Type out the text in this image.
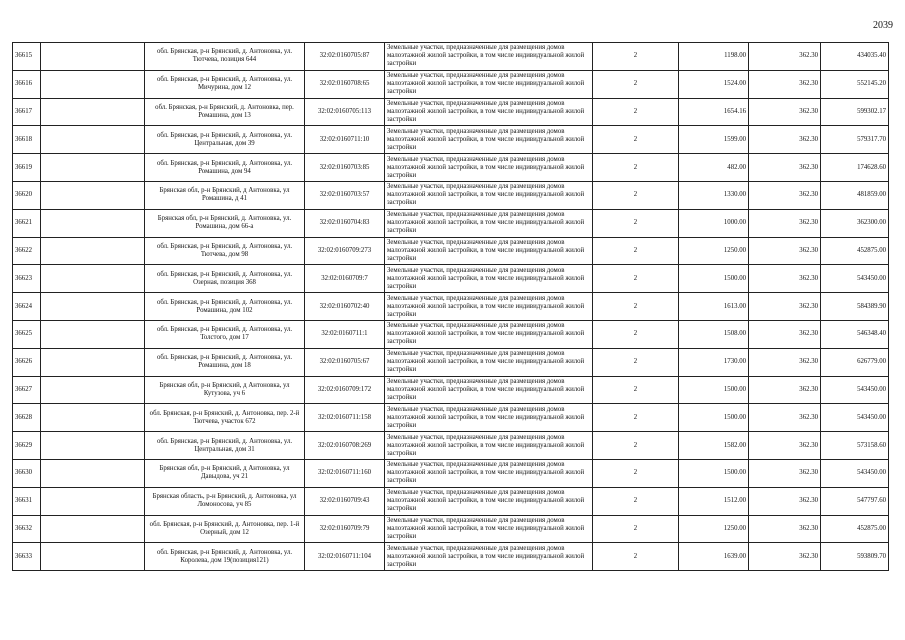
2039
36615		обл. Брянская, р-н Брянский, д. Антоновка, ул. Тютчева, позиция 644	32:02:0160705:87	Земельные участки, предназначенные для размещения домов малоэтажной жилой застройки, в том числе индивидуальной жилой застройки	2	1198.00	362.30	434035.40
36616		обл. Брянская, р-н Брянский, д. Антоновка, ул. Мичурина, дом 12	32:02:0160708:65	Земельные участки, предназначенные для размещения домов малоэтажной жилой застройки, в том числе индивидуальной жилой застройки	2	1524.00	362.30	552145.20
36617		обл. Брянская, р-н Брянский, д. Антоновка, пер. Ромашина, дом 13	32:02:0160705:113	Земельные участки, предназначенные для размещения домов малоэтажной жилой застройки, в том числе индивидуальной жилой застройки	2	1654.16	362.30	599302.17
36618		обл. Брянская, р-н Брянский, д. Антоновка, ул. Центральная, дом 39	32:02:0160711:10	Земельные участки, предназначенные для размещения домов малоэтажной жилой застройки, в том числе индивидуальной жилой застройки	2	1599.00	362.30	579317.70
36619		обл. Брянская, р-н Брянский, д. Антоновка, ул. Ромашина, дом 94	32:02:0160703:85	Земельные участки, предназначенные для размещения домов малоэтажной жилой застройки, в том числе индивидуальной жилой застройки	2	482.00	362.30	174628.60
36620		Брянская обл, р-н Брянский, д Антоновка, ул Ромашина, д 41	32:02:0160703:57	Земельные участки, предназначенные для размещения домов малоэтажной жилой застройки, в том числе индивидуальной жилой застройки	2	1330.00	362.30	481859.00
36621		Брянская обл, р-н Брянский, д. Антоновка, ул. Ромашина, дом 66-а	32:02:0160704:83	Земельные участки, предназначенные для размещения домов малоэтажной жилой застройки, в том числе индивидуальной жилой застройки	2	1000.00	362.30	362300.00
36622		обл. Брянская, р-н Брянский, д. Антоновка, ул. Тютчева, дом 98	32:02:0160709:273	Земельные участки, предназначенные для размещения домов малоэтажной жилой застройки, в том числе индивидуальной жилой застройки	2	1250.00	362.30	452875.00
36623		обл. Брянская, р-н Брянский, д. Антоновка, ул. Озерная, позиция 368	32:02:0160709:7	Земельные участки, предназначенные для размещения домов малоэтажной жилой застройки, в том числе индивидуальной жилой застройки	2	1500.00	362.30	543450.00
36624		обл. Брянская, р-н Брянский, д. Антоновка, ул. Ромашина, дом 102	32:02:0160702:40	Земельные участки, предназначенные для размещения домов малоэтажной жилой застройки, в том числе индивидуальной жилой застройки	2	1613.00	362.30	584389.90
36625		обл. Брянская, р-н Брянский, д. Антоновка, ул. Толстого, дом 17	32:02:0160711:1	Земельные участки, предназначенные для размещения домов малоэтажной жилой застройки, в том числе индивидуальной жилой застройки	2	1508.00	362.30	546348.40
36626		обл. Брянская, р-н Брянский, д. Антоновка, ул. Ромашина, дом 18	32:02:0160705:67	Земельные участки, предназначенные для размещения домов малоэтажной жилой застройки, в том числе индивидуальной жилой застройки	2	1730.00	362.30	626779.00
36627		Брянская обл, р-н Брянский, д Антоновка, ул Кутузова, уч 6	32:02:0160709:172	Земельные участки, предназначенные для размещения домов малоэтажной жилой застройки, в том числе индивидуальной жилой застройки	2	1500.00	362.30	543450.00
36628		обл. Брянская, р-н Брянский, д. Антоновка, пер. 2-й Тютчева, участок 672	32:02:0160711:158	Земельные участки, предназначенные для размещения домов малоэтажной жилой застройки, в том числе индивидуальной жилой застройки	2	1500.00	362.30	543450.00
36629		обл. Брянская, р-н Брянский, д. Антоновка, ул. Центральная, дом 31	32:02:0160708:269	Земельные участки, предназначенные для размещения домов малоэтажной жилой застройки, в том числе индивидуальной жилой застройки	2	1582.00	362.30	573158.60
36630		Брянская обл, р-н Брянский, д Антоновка, ул Давыдова, уч 21	32:02:0160711:160	Земельные участки, предназначенные для размещения домов малоэтажной жилой застройки, в том числе индивидуальной жилой застройки	2	1500.00	362.30	543450.00
36631		Брянская область, р-н Брянский, д. Антоновка, ул Ломоносова, уч 85	32:02:0160709:43	Земельные участки, предназначенные для размещения домов малоэтажной жилой застройки, в том числе индивидуальной жилой застройки	2	1512.00	362.30	547797.60
36632		обл. Брянская, р-н Брянский, д. Антоновка, пер. 1-й Озерный, дом 12	32:02:0160709:79	Земельные участки, предназначенные для размещения домов малоэтажной жилой застройки, в том числе индивидуальной жилой застройки	2	1250.00	362.30	452875.00
36633		обл. Брянская, р-н Брянский, д. Антоновка, ул. Королева, дом 19(позиция121)	32:02:0160711:104	Земельные участки, предназначенные для размещения домов малоэтажной жилой застройки, в том числе индивидуальной жилой застройки	2	1639.00	362.30	593809.70
